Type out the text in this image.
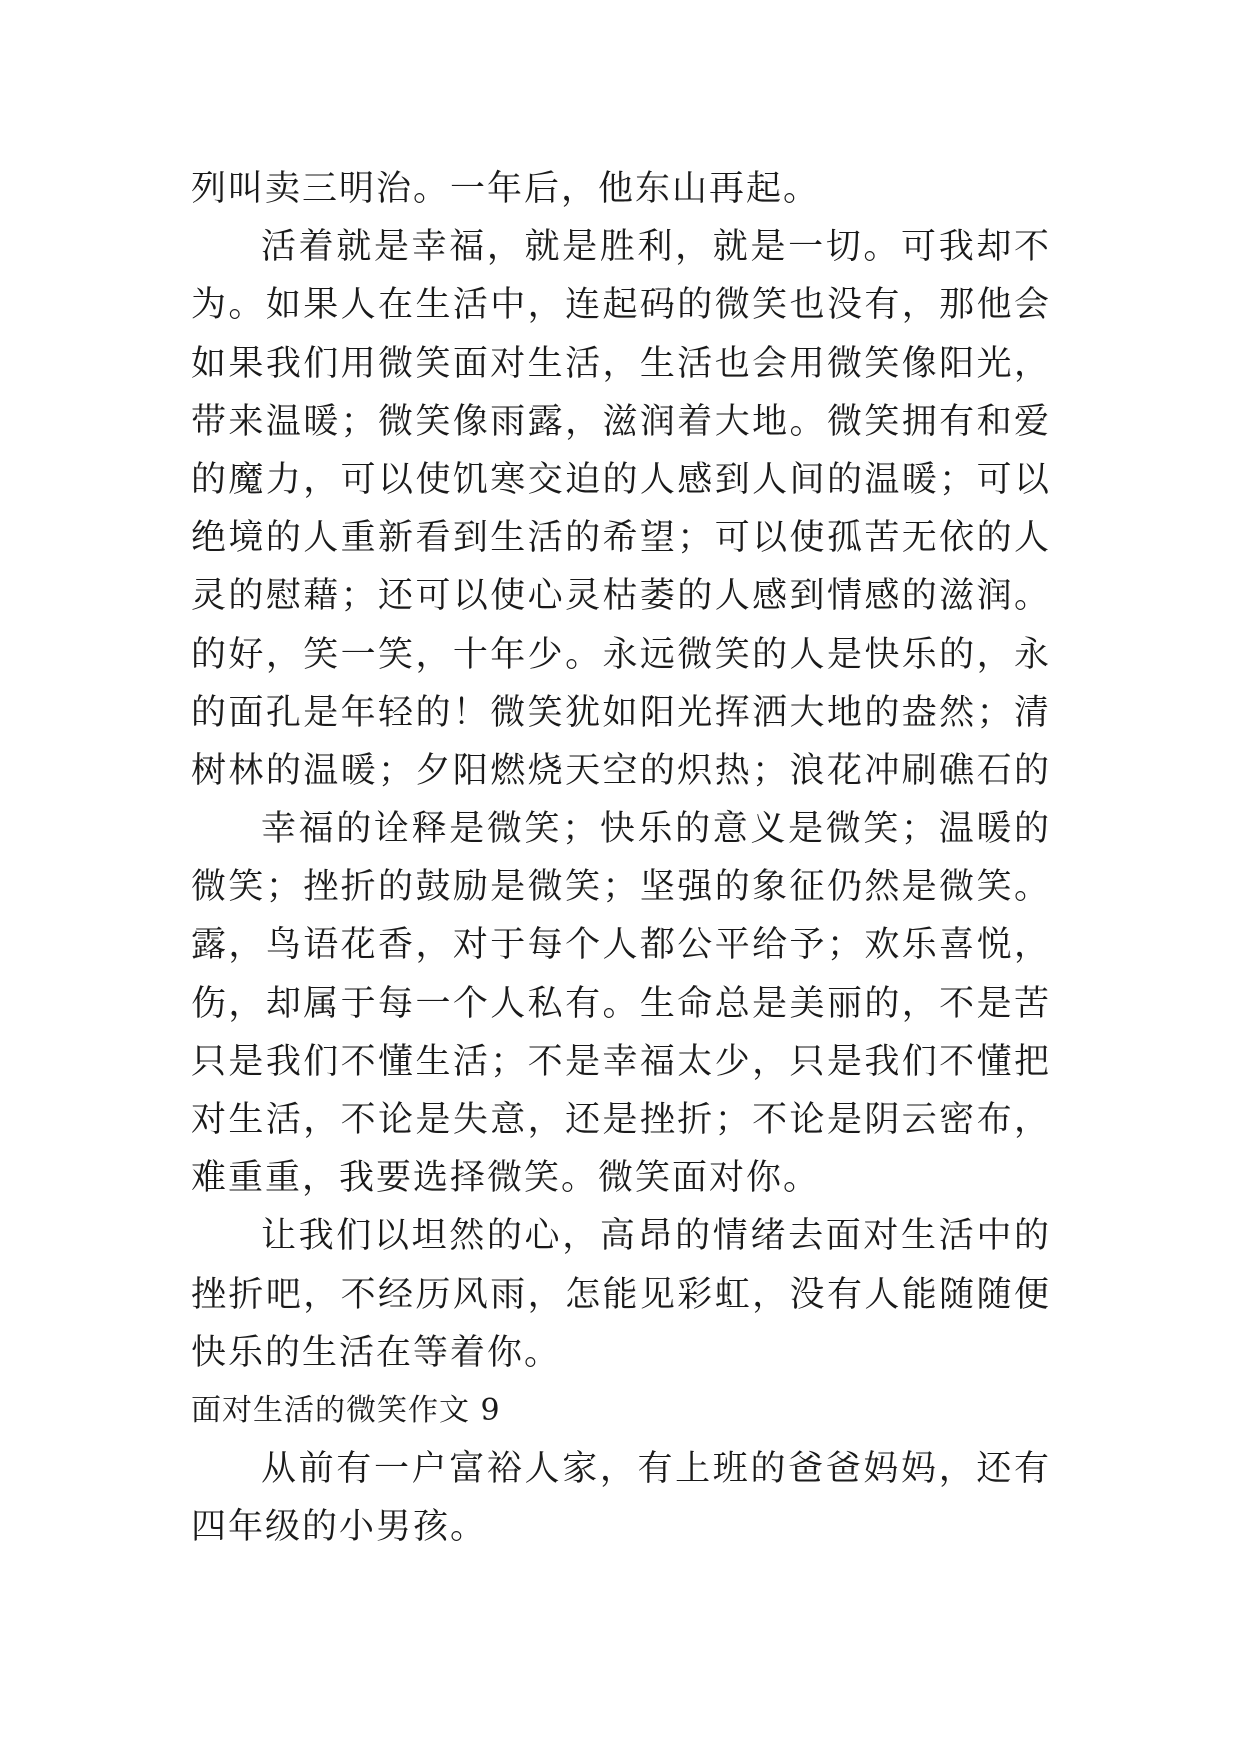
列叫卖三明治。一年后，他东山再起。
活着就是幸福，就是胜利，就是一切。可我却不
为。如果人在生活中，连起码的微笑也没有，那他会
如果我们用微笑面对生活，生活也会用微笑像阳光，
带来温暖；微笑像雨露，滋润着大地。微笑拥有和爱
的魔力，可以使饥寒交迫的人感到人间的温暖；可以
绝境的人重新看到生活的希望；可以使孤苦无依的人
灵的慰藉；还可以使心灵枯萎的人感到情感的滋润。
的好，笑一笑，十年少。永远微笑的人是快乐的，永
的面孔是年轻的！微笑犹如阳光挥洒大地的盎然；清
树林的温暖；夕阳燃烧天空的炽热；浪花冲刷礁石的
幸福的诠释是微笑；快乐的意义是微笑；温暖的
微笑；挫折的鼓励是微笑；坚强的象征仍然是微笑。
露，鸟语花香，对于每个人都公平给予；欢乐喜悦，
伤，却属于每一个人私有。生命总是美丽的，不是苦
只是我们不懂生活；不是幸福太少，只是我们不懂把
对生活，不论是失意，还是挫折；不论是阴云密布，
难重重，我要选择微笑。微笑面对你。
让我们以坦然的心，高昂的情绪去面对生活中的
挫折吧，不经历风雨，怎能见彩虹，没有人能随随便
快乐的生活在等着你。
面对生活的微笑作文 9
从前有一户富裕人家，有上班的爸爸妈妈，还有
四年级的小男孩。
